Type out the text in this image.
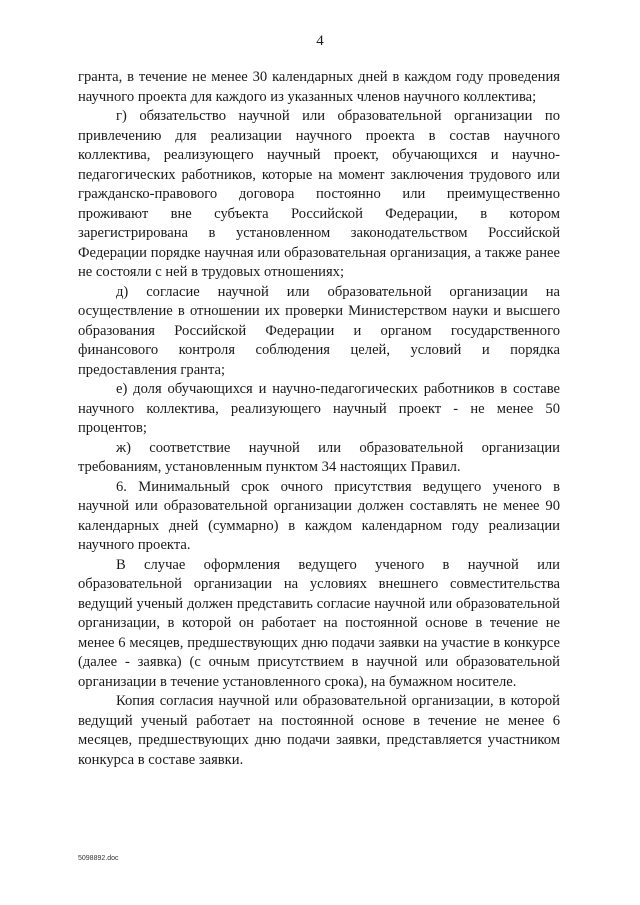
4

гранта, в течение не менее 30 календарных дней в каждом году проведения научного проекта для каждого из указанных членов научного коллектива;

г) обязательство научной или образовательной организации по привлечению для реализации научного проекта в состав научного коллектива, реализующего научный проект, обучающихся и научно-педагогических работников, которые на момент заключения трудового или гражданско-правового договора постоянно или преимущественно проживают вне субъекта Российской Федерации, в котором зарегистрирована в установленном законодательством Российской Федерации порядке научная или образовательная организация, а также ранее не состояли с ней в трудовых отношениях;

д) согласие научной или образовательной организации на осуществление в отношении их проверки Министерством науки и высшего образования Российской Федерации и органом государственного финансового контроля соблюдения целей, условий и порядка предоставления гранта;

е) доля обучающихся и научно-педагогических работников в составе научного коллектива, реализующего научный проект - не менее 50 процентов;

ж) соответствие научной или образовательной организации требованиям, установленным пунктом 34 настоящих Правил.

6. Минимальный срок очного присутствия ведущего ученого в научной или образовательной организации должен составлять не менее 90 календарных дней (суммарно) в каждом календарном году реализации научного проекта.

В случае оформления ведущего ученого в научной или образовательной организации на условиях внешнего совместительства ведущий ученый должен представить согласие научной или образовательной организации, в которой он работает на постоянной основе в течение не менее 6 месяцев, предшествующих дню подачи заявки на участие в конкурсе (далее - заявка) (с очным присутствием в научной или образовательной организации в течение установленного срока), на бумажном носителе.

Копия согласия научной или образовательной организации, в которой ведущий ученый работает на постоянной основе в течение не менее 6 месяцев, предшествующих дню подачи заявки, представляется участником конкурса в составе заявки.

5098892.doc
